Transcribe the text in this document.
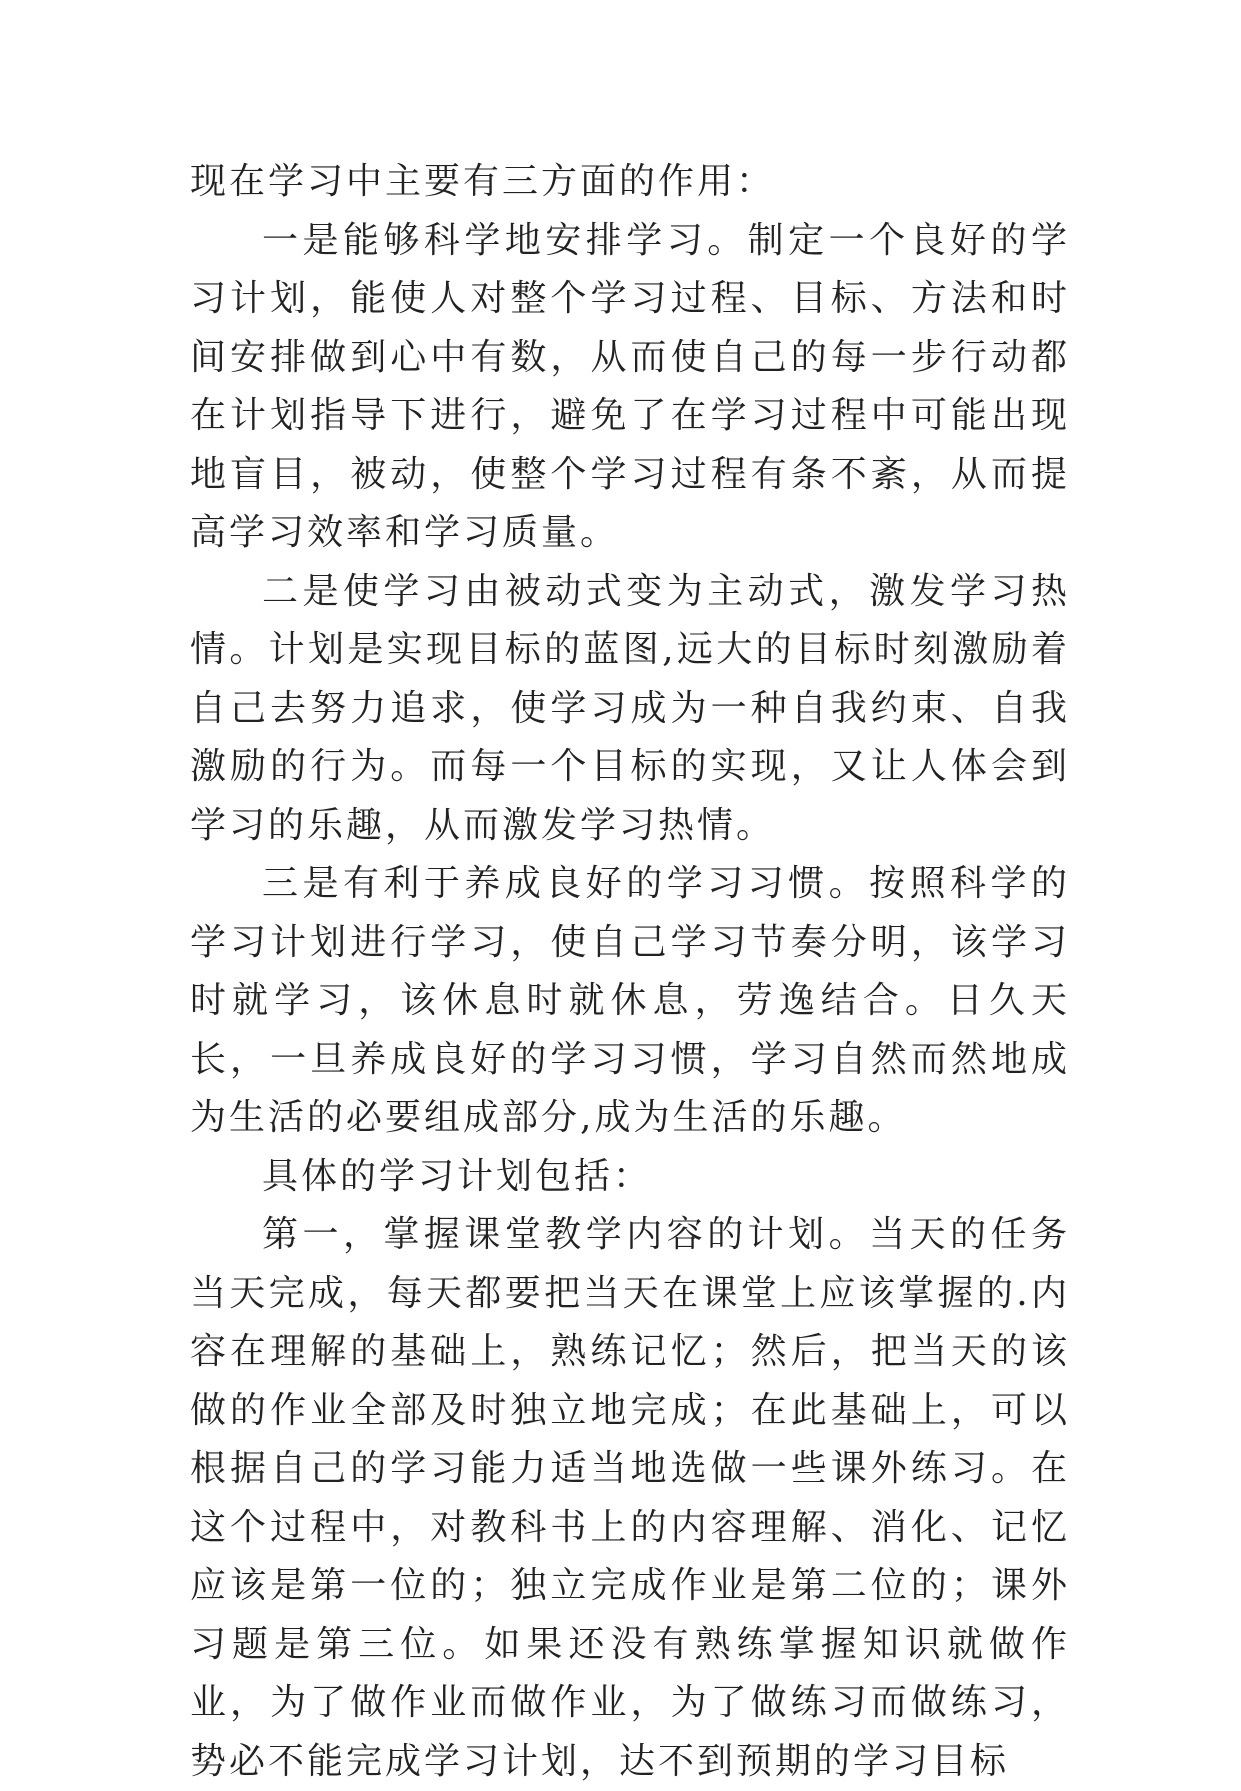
现在学习中主要有三方面的作用：

一是能够科学地安排学习。制定一个良好的学习计划，能使人对整个学习过程、目标、方法和时间安排做到心中有数，从而使自己的每一步行动都在计划指导下进行，避免了在学习过程中可能出现地盲目，被动，使整个学习过程有条不紊，从而提高学习效率和学习质量。

二是使学习由被动式变为主动式，激发学习热情。计划是实现目标的蓝图,远大的目标时刻激励着自己去努力追求，使学习成为一种自我约束、自我激励的行为。而每一个目标的实现，又让人体会到学习的乐趣，从而激发学习热情。

三是有利于养成良好的学习习惯。按照科学的学习计划进行学习，使自己学习节奏分明，该学习时就学习，该休息时就休息，劳逸结合。日久天长，一旦养成良好的学习习惯，学习自然而然地成为生活的必要组成部分,成为生活的乐趣。

具体的学习计划包括：

第一，掌握课堂教学内容的计划。当天的任务当天完成，每天都要把当天在课堂上应该掌握的.内容在理解的基础上，熟练记忆；然后，把当天的该做的作业全部及时独立地完成；在此基础上，可以根据自己的学习能力适当地选做一些课外练习。在这个过程中，对教科书上的内容理解、消化、记忆应该是第一位的；独立完成作业是第二位的；课外习题是第三位。如果还没有熟练掌握知识就做作业，为了做作业而做作业，为了做练习而做练习，势必不能完成学习计划，达不到预期的学习目标
